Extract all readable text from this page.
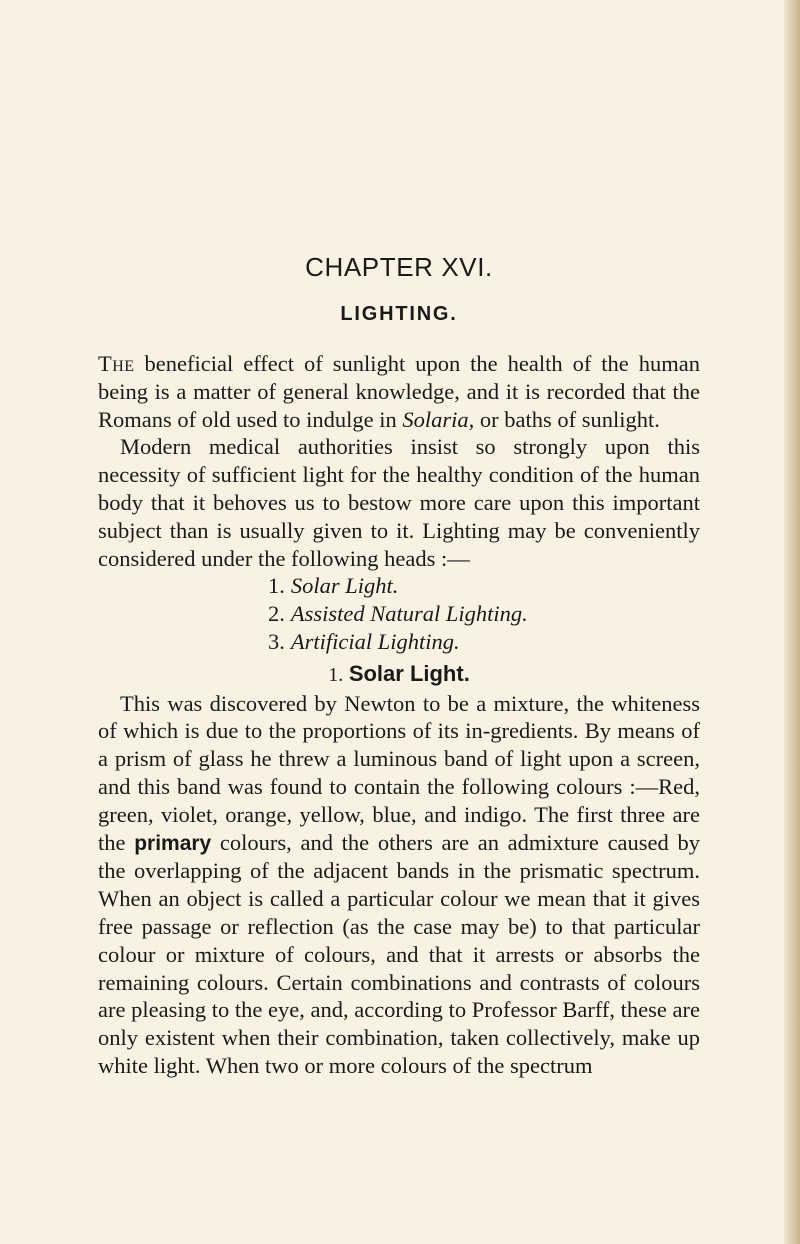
CHAPTER XVI.
LIGHTING.

The beneficial effect of sunlight upon the health of the human being is a matter of general knowledge, and it is recorded that the Romans of old used to indulge in Solaria, or baths of sunlight.

Modern medical authorities insist so strongly upon this necessity of sufficient light for the healthy condition of the human body that it behoves us to bestow more care upon this important subject than is usually given to it. Lighting may be conveniently considered under the following heads :—

1. Solar Light.
2. Assisted Natural Lighting.
3. Artificial Lighting.
1. Solar Light.

This was discovered by Newton to be a mixture, the whiteness of which is due to the proportions of its in-gredients. By means of a prism of glass he threw a luminous band of light upon a screen, and this band was found to contain the following colours :—Red, green, violet, orange, yellow, blue, and indigo. The first three are the primary colours, and the others are an admixture caused by the overlapping of the adjacent bands in the prismatic spectrum. When an object is called a particular colour we mean that it gives free passage or reflection (as the case may be) to that particular colour or mixture of colours, and that it arrests or absorbs the remaining colours. Certain combinations and contrasts of colours are pleasing to the eye, and, according to Professor Barff, these are only existent when their combination, taken collectively, make up white light. When two or more colours of the spectrum
